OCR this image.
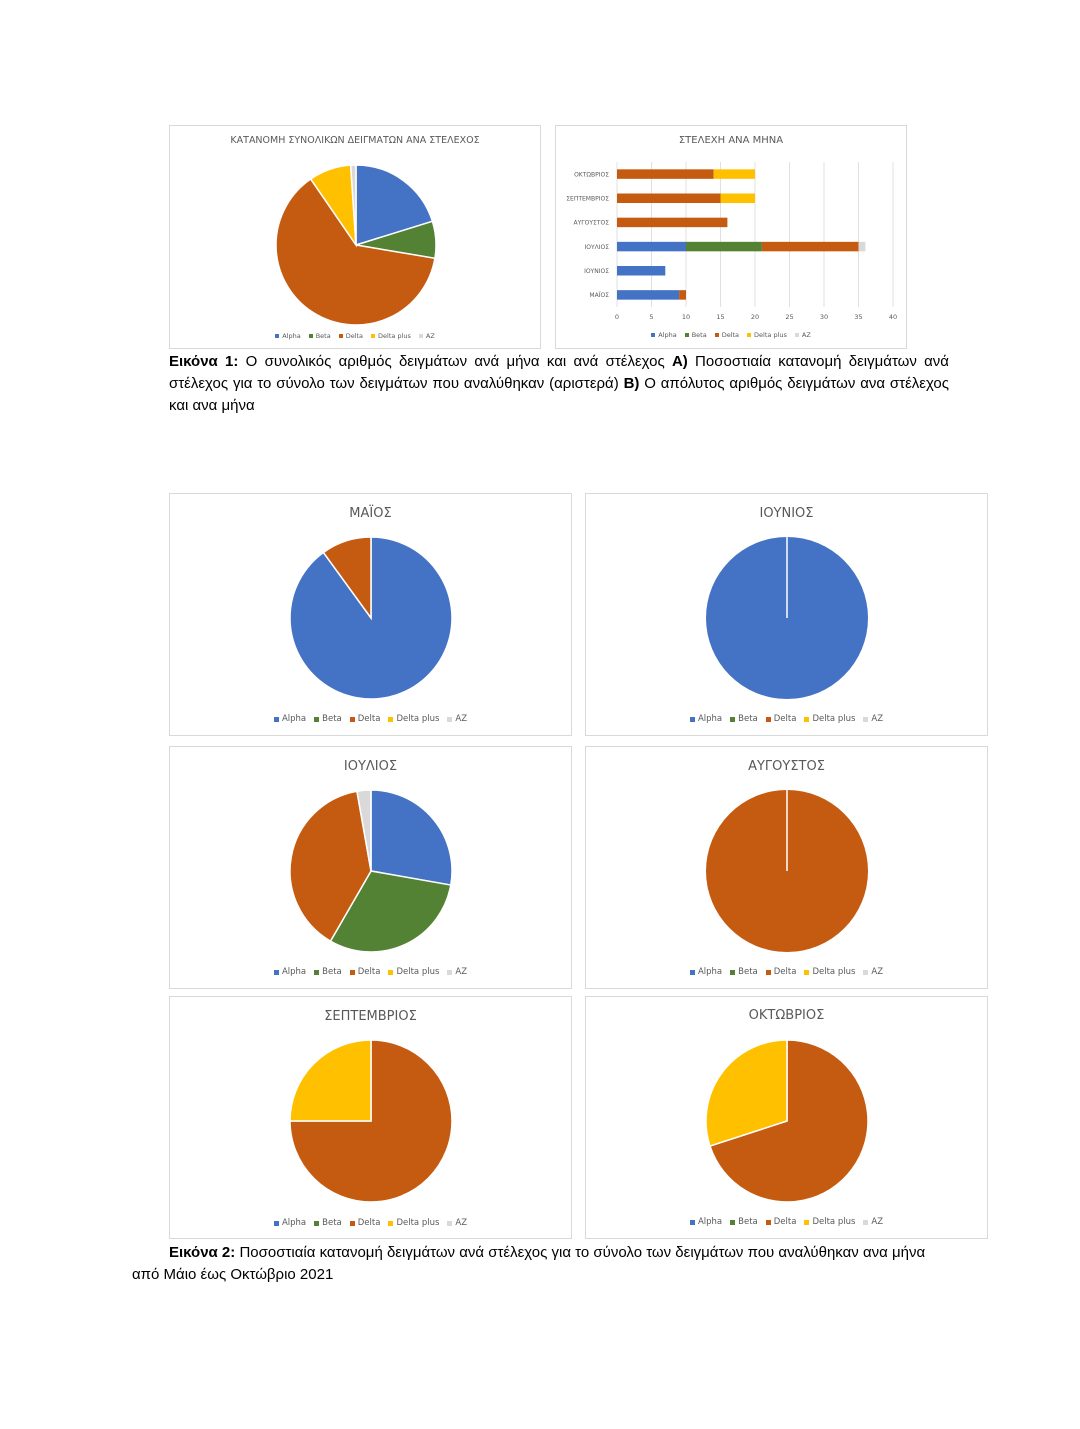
ΚΑΤΑΝΟΜΗ ΣΥΝΟΛΙΚΩΝ ΔΕΙΓΜΑΤΩΝ ΑΝΑ ΣΤΕΛΕΧΟΣ
Alpha Beta Delta Delta plus AZ
ΣΤΕΛΕΧΗ ΑΝΑ ΜΗΝΑ
0	5	10	15	20	25	30	35	40
ΟΚΤΩΒΡΙΟΣ
ΣΕΠΤΕΜΒΡΙΟΣ
ΑΥΓΟΥΣΤΟΣ
ΙΟΥΛΙΟΣ
ΙΟΥΝΙΟΣ
ΜΑΪΟΣ
Alpha Beta Delta Delta plus AZ
Εικόνα 1: Ο συνολικός αριθμός δειγμάτων ανά μήνα και ανά στέλεχος Α) Ποσοστιαία κατανομή δειγμάτων ανά στέλεχος για το σύνολο των δειγμάτων που αναλύθηκαν (αριστερά) Β) Ο απόλυτος αριθμός δειγμάτων ανα στέλεχος και ανα μήνα
ΜΑΪΟΣ
Alpha Beta Delta Delta plus AZ
ΙΟΥΝΙΟΣ
Alpha Beta Delta Delta plus AZ
ΙΟΥΛΙΟΣ
Alpha Beta Delta Delta plus AZ
ΑΥΓΟΥΣΤΟΣ
Alpha Beta Delta Delta plus AZ
ΣΕΠΤΕΜΒΡΙΟΣ
Alpha Beta Delta Delta plus AZ
ΟΚΤΩΒΡΙΟΣ
Alpha Beta Delta Delta plus AZ
Εικόνα 2: Ποσοστιαία κατανομή δειγμάτων ανά στέλεχος για το σύνολο των δειγμάτων που αναλύθηκαν ανα μήνα από Μάιο έως Οκτώβριο 2021
